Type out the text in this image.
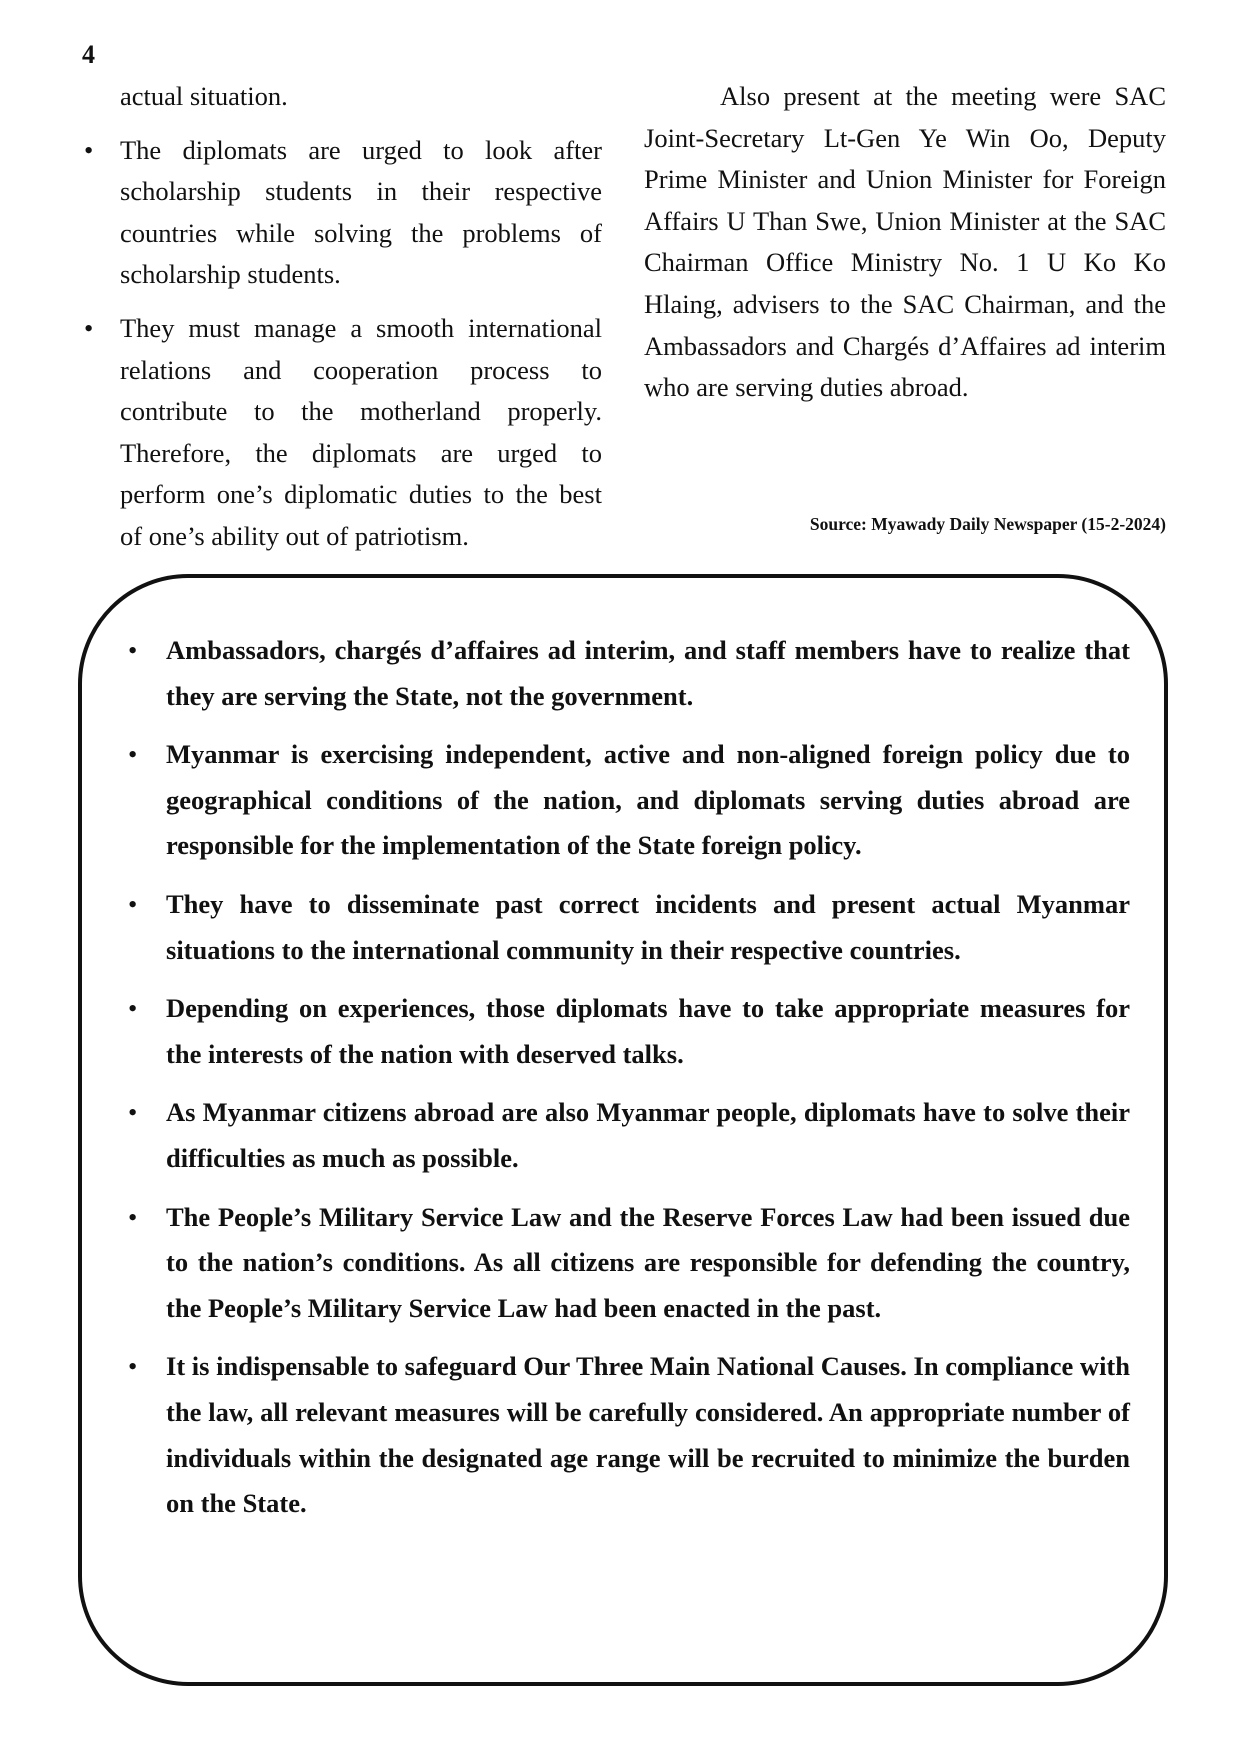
4

actual situation.

• The diplomats are urged to look after scholarship students in their respective countries while solving the problems of scholarship students.
• They must manage a smooth international relations and cooperation process to contribute to the motherland properly. Therefore, the diplomats are urged to perform one’s diplomatic duties to the best of one’s ability out of patriotism.

Also present at the meeting were SAC Joint-Secretary Lt-Gen Ye Win Oo, Deputy Prime Minister and Union Minister for Foreign Affairs U Than Swe, Union Minister at the SAC Chairman Office Ministry No. 1 U Ko Ko Hlaing, advisers to the SAC Chairman, and the Ambassadors and Chargés d’Affaires ad interim who are serving duties abroad.

Source: Myawady Daily Newspaper (15-2-2024)
• Ambassadors, chargés d’affaires ad interim, and staff members have to realize that they are serving the State, not the government.
• Myanmar is exercising independent, active and non-aligned foreign policy due to geographical conditions of the nation, and diplomats serving duties abroad are responsible for the implementation of the State foreign policy.
• They have to disseminate past correct incidents and present actual Myanmar situations to the international community in their respective countries.
• Depending on experiences, those diplomats have to take appropriate measures for the interests of the nation with deserved talks.
• As Myanmar citizens abroad are also Myanmar people, diplomats have to solve their difficulties as much as possible.
• The People’s Military Service Law and the Reserve Forces Law had been issued due to the nation’s conditions. As all citizens are responsible for defending the country, the People’s Military Service Law had been enacted in the past.
• It is indispensable to safeguard Our Three Main National Causes. In compliance with the law, all relevant measures will be carefully considered. An appropriate number of individuals within the designated age range will be recruited to minimize the burden on the State.
